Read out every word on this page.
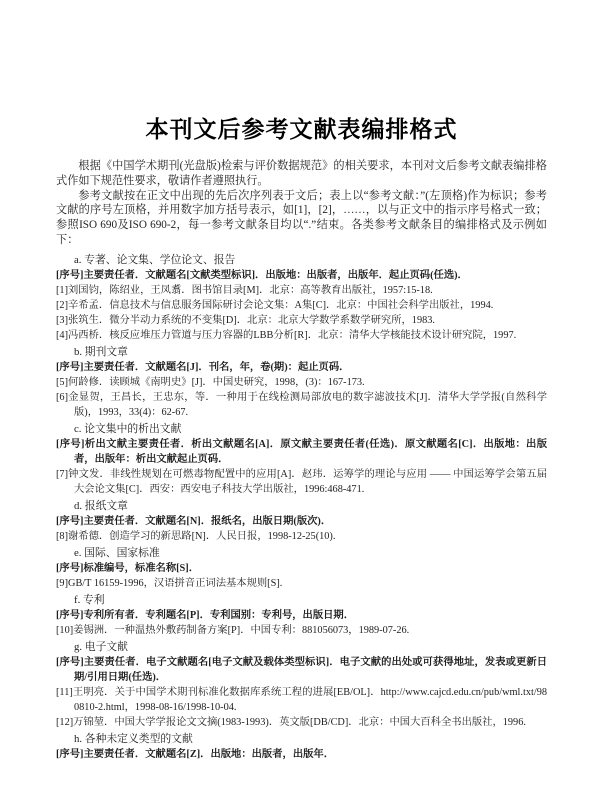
本刊文后参考文献表编排格式

根据《中国学术期刊(光盘版)检索与评价数据规范》的相关要求，本刊对文后参考文献表编排格式作如下规范性要求，敬请作者遵照执行。

参考文献按在正文中出现的先后次序列表于文后；表上以“参考文献：”(左顶格)作为标识；参考文献的序号左顶格，并用数字加方括号表示，如[1]，[2]，……，以与正文中的指示序号格式一致；参照ISO 690及ISO 690-2，每一参考文献条目均以“.”结束。各类参考文献条目的编排格式及示例如下：

a. 专著、论文集、学位论文、报告
[序号]主要责任者．文献题名[文献类型标识]．出版地：出版者，出版年．起止页码(任选)．
[1]刘国钧，陈绍业，王凤翥．图书馆目录[M]．北京：高等教育出版社，1957:15-18.
[2]辛希孟．信息技术与信息服务国际研讨会论文集：A集[C]．北京：中国社会科学出版社，1994.
[3]张筑生．微分半动力系统的不变集[D]．北京：北京大学数学系数学研究所，1983.
[4]冯西桥．核反应堆压力管道与压力容器的LBB分析[R]．北京：清华大学核能技术设计研究院，1997.
b. 期刊文章
[序号]主要责任者．文献题名[J]．刊名，年，卷(期)：起止页码．
[5]何龄修．读顾城《南明史》[J]．中国史研究，1998，(3)：167-173.
[6]金显贺，王昌长，王忠东，等．一种用于在线检测局部放电的数字滤波技术[J]．清华大学学报(自然科学版)，1993，33(4)：62-67.
c. 论文集中的析出文献
[序号]析出文献主要责任者．析出文献题名[A]．原文献主要责任者(任选)．原文献题名[C]．出版地：出版者，出版年：析出文献起止页码．
[7]钟文发．非线性规划在可燃毒物配置中的应用[A]．赵玮．运筹学的理论与应用 —— 中国运筹学会第五届大会论文集[C]．西安：西安电子科技大学出版社，1996:468-471.
d. 报纸文章
[序号]主要责任者．文献题名[N]．报纸名，出版日期(版次)．
[8]谢希德．创造学习的新思路[N]．人民日报，1998-12-25(10).
e. 国际、国家标准
[序号]标准编号，标准名称[S]．
[9]GB/T 16159-1996，汉语拼音正词法基本规则[S].
f. 专利
[序号]专利所有者．专利题名[P]．专利国别：专利号，出版日期．
[10]姜锡洲．一种温热外敷药制备方案[P]．中国专利：881056073，1989-07-26.
g. 电子文献
[序号]主要责任者．电子文献题名[电子文献及载体类型标识]．电子文献的出处或可获得地址，发表或更新日期/引用日期(任选)．
[11]王明亮．关于中国学术期刊标准化数据库系统工程的进展[EB/OL]．http://www.cajcd.edu.cn/pub/wml.txt/980810-2.html，1998-08-16/1998-10-04.
[12]万锦堃．中国大学学报论文文摘(1983-1993)．英文版[DB/CD]．北京：中国大百科全书出版社，1996.
h. 各种未定义类型的文献
[序号]主要责任者．文献题名[Z]．出版地：出版者，出版年．
